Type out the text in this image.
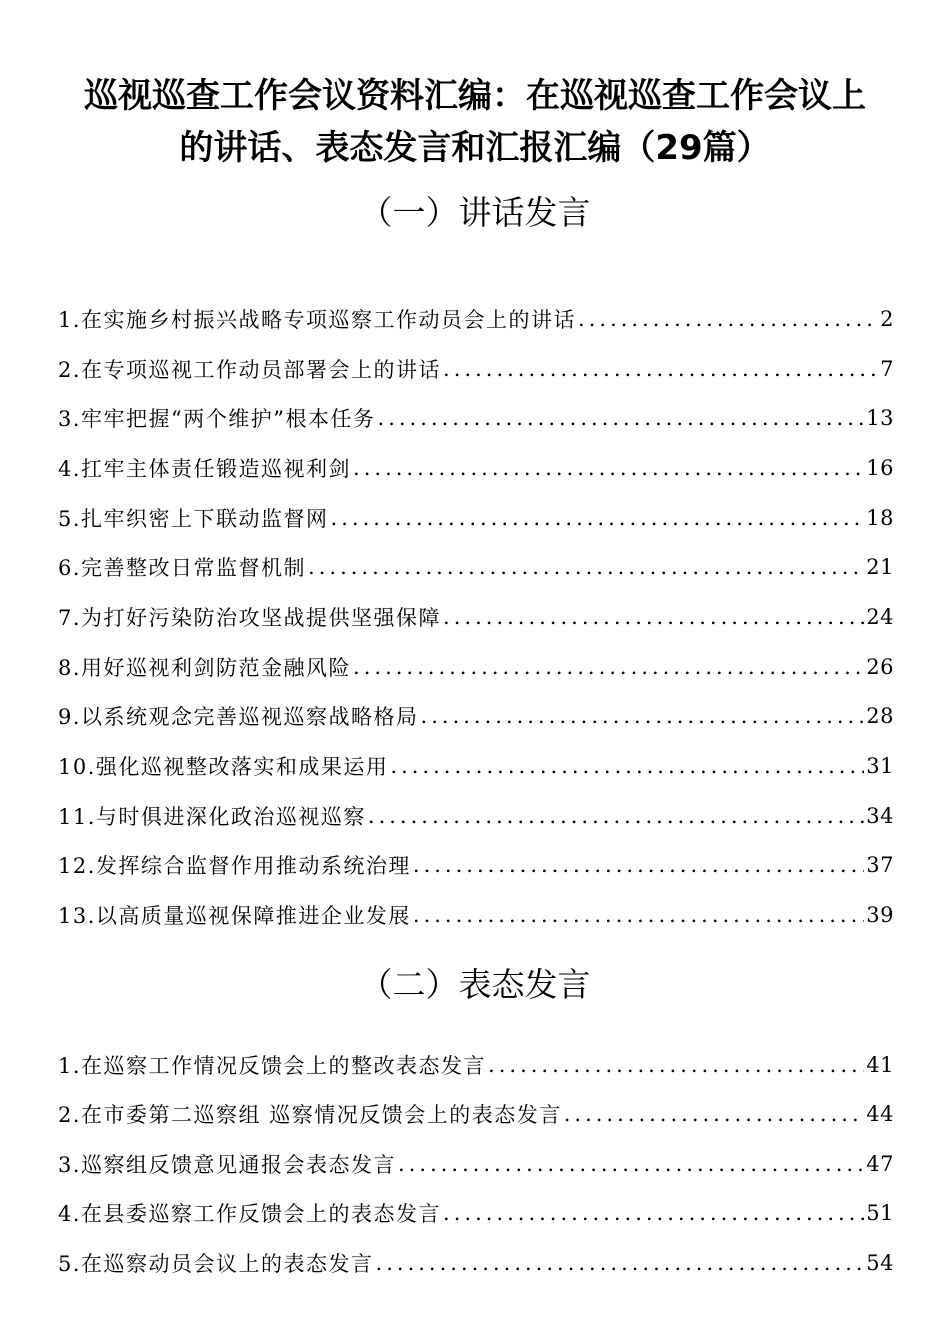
巡视巡查工作会议资料汇编：在巡视巡查工作会议上
的讲话、表态发言和汇报汇编（29篇）
（一）讲话发言
1.在实施乡村振兴战略专项巡察工作动员会上的讲话 .....	2
2.在专项巡视工作动员部署会上的讲话 .....	7
3.牢牢把握“两个维护”根本任务 .....	13
4.扛牢主体责任锻造巡视利剑 .....	16
5.扎牢织密上下联动监督网 .....	18
6.完善整改日常监督机制 .....	21
7.为打好污染防治攻坚战提供坚强保障 .....	24
8.用好巡视利剑防范金融风险 .....	26
9.以系统观念完善巡视巡察战略格局 .....	28
10.强化巡视整改落实和成果运用 .....	31
11.与时俱进深化政治巡视巡察 .....	34
12.发挥综合监督作用推动系统治理 .....	37
13.以高质量巡视保障推进企业发展 .....	39
（二）表态发言
1.在巡察工作情况反馈会上的整改表态发言 .....	41
2.在市委第二巡察组 巡察情况反馈会上的表态发言 .....	44
3.巡察组反馈意见通报会表态发言 .....	47
4.在县委巡察工作反馈会上的表态发言 .....	51
5.在巡察动员会议上的表态发言 .....	54
